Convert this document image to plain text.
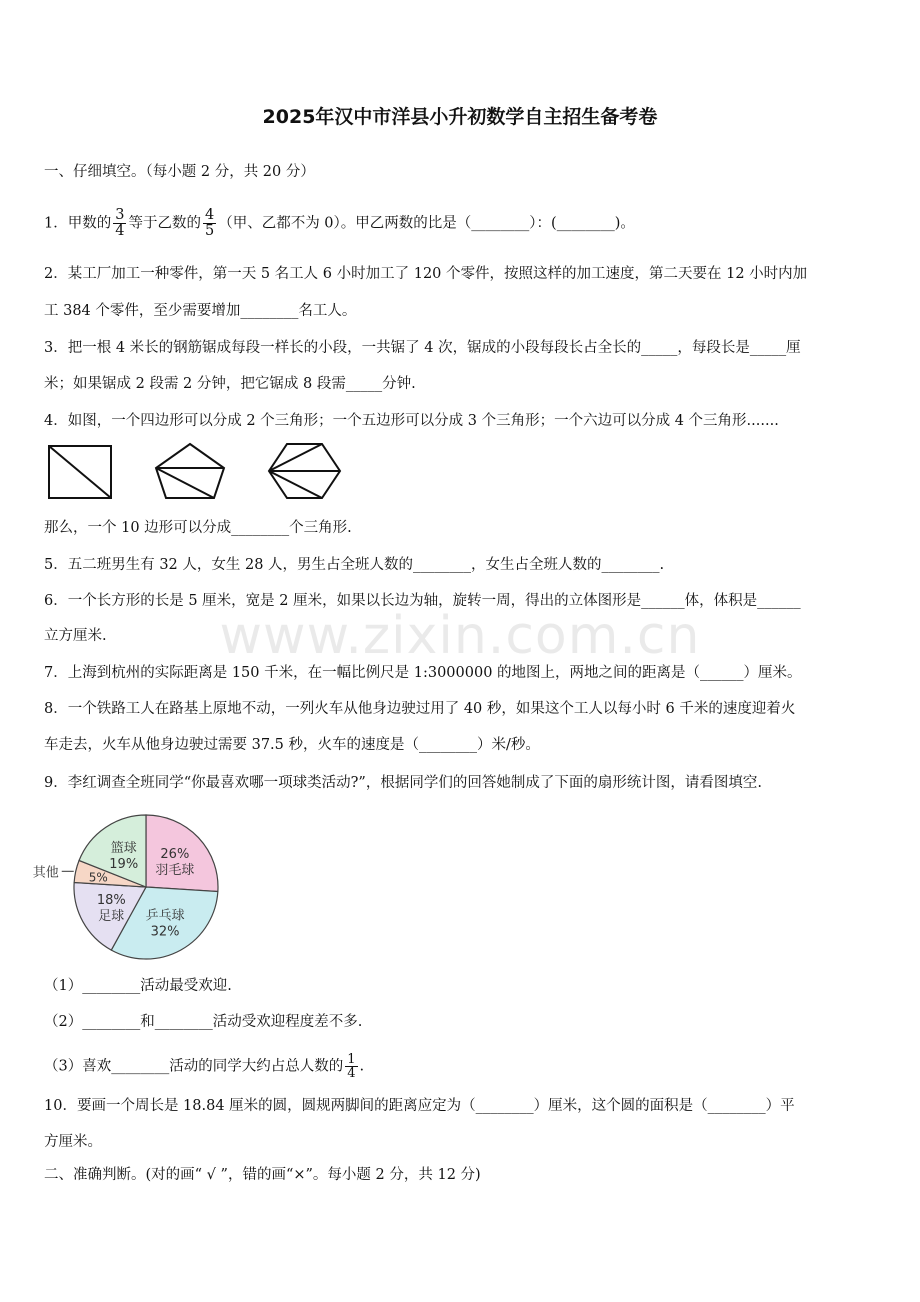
2025年汉中市洋县小升初数学自主招生备考卷
www.zixin.com.cn
一、仔细填空。（每小题 2 分，共 20 分）
1．甲数的 $\frac{3}{4}$ 等于乙数的 $\frac{4}{5}$ （甲、乙都不为 0）。甲乙两数的比是（________）：(________)。
2．某工厂加工一种零件，第一天 5 名工人 6 小时加工了 120 个零件，按照这样的加工速度，第二天要在 12 小时内加
工 384 个零件，至少需要增加________名工人。
3．把一根 4 米长的钢筋锯成每段一样长的小段，一共锯了 4 次，锯成的小段每段长占全长的_____，每段长是_____厘
米；如果锯成 2 段需 2 分钟，把它锯成 8 段需_____分钟.
4．如图，一个四边形可以分成 2 个三角形；一个五边形可以分成 3 个三角形；一个六边可以分成 4 个三角形.......
那么，一个 10 边形可以分成________个三角形.
5．五二班男生有 32 人，女生 28 人，男生占全班人数的________，女生占全班人数的________.
6．一个长方形的长是 5 厘米，宽是 2 厘米，如果以长边为轴，旋转一周，得出的立体图形是______体，体积是______
立方厘米.
7．上海到杭州的实际距离是 150 千米，在一幅比例尺是 1:3000000 的地图上，两地之间的距离是（______）厘米。
8．一个铁路工人在路基上原地不动，一列火车从他身边驶过用了 40 秒，如果这个工人以每小时 6 千米的速度迎着火
车走去，火车从他身边驶过需要 37.5 秒，火车的速度是（________）米/秒。
9．李红调查全班同学“你最喜欢哪一项球类活动?”，根据同学们的回答她制成了下面的扇形统计图，请看图填空.
羽毛球
26%
乒乓球
32%
足球
18%
5%
其他
篮球
19%
（1）________活动最受欢迎.
（2）________和________活动受欢迎程度差不多.
（3）喜欢________活动的同学大约占总人数的 $\frac{1}{4}$ .
10．要画一个周长是 18.84 厘米的圆，圆规两脚间的距离应定为（________）厘米，这个圆的面积是（________）平
方厘米。
二、准确判断。(对的画“ √ ”，错的画“×”。每小题 2 分，共 12 分)
